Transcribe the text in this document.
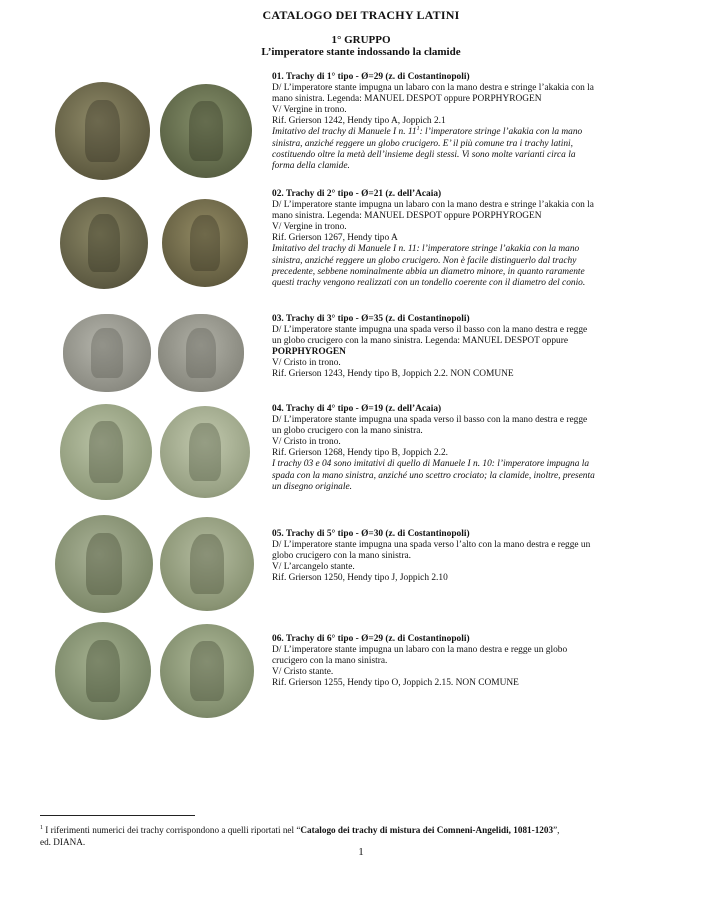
CATALOGO DEI TRACHY LATINI
1° GRUPPO
L’imperatore stante indossando la clamide
01. Trachy di 1° tipo - Ø=29 (z. di Costantinopoli)
D/ L’imperatore stante impugna un labaro con la mano destra e stringe l’akakia con la
mano sinistra. Legenda: MANUEL DESPOT oppure PORPHYROGEN
V/ Vergine in trono.
Rif. Grierson 1242, Hendy tipo A, Joppich 2.1
Imitativo del trachy di Manuele I n. $11^1$: l’imperatore stringe l’akakia con la mano
sinistra, anziché reggere un globo crucigero. E’ il più comune tra i trachy latini,
costituendo oltre la metà dell’insieme degli stessi. Vi sono molte varianti circa la
forma della clamide.
02. Trachy di 2° tipo - Ø=21 (z. dell’Acaia)
D/ L’imperatore stante impugna un labaro con la mano destra e stringe l’akakia con la
mano sinistra. Legenda: MANUEL DESPOT oppure PORPHYROGEN
V/ Vergine in trono.
Rif. Grierson 1267, Hendy tipo A
Imitativo del trachy di Manuele I n. 11: l’imperatore stringe l’akakia con la mano
sinistra, anziché reggere un globo crucigero. Non è facile distinguerlo dal trachy
precedente, sebbene nominalmente abbia un diametro minore, in quanto raramente
questi trachy vengono realizzati con un tondello coerente con il diametro del conio.
03. Trachy di 3° tipo - Ø=35 (z. di Costantinopoli)
D/ L’imperatore stante impugna una spada verso il basso con la mano destra e regge
un globo crucigero con la mano sinistra. Legenda: MANUEL DESPOT oppure
PORPHYROGEN
V/ Cristo in trono.
Rif. Grierson 1243, Hendy tipo B, Joppich 2.2. NON COMUNE
04. Trachy di 4° tipo - Ø=19 (z. dell’Acaia)
D/ L’imperatore stante impugna una spada verso il basso con la mano destra e regge
un globo crucigero con la mano sinistra.
V/ Cristo in trono.
Rif. Grierson 1268, Hendy tipo B, Joppich 2.2.
I trachy 03 e 04 sono imitativi di quello di Manuele I n. 10: l’imperatore impugna la
spada con la mano sinistra, anziché uno scettro crociato; la clamide, inoltre, presenta
un disegno originale.
05. Trachy di 5° tipo - Ø=30 (z. di Costantinopoli)
D/ L’imperatore stante impugna una spada verso l’alto con la mano destra e regge un
globo crucigero con la mano sinistra.
V/ L’arcangelo stante.
Rif. Grierson 1250, Hendy tipo J, Joppich 2.10
06. Trachy di 6° tipo - Ø=29 (z. di Costantinopoli)
D/ L’imperatore stante impugna un labaro con la mano destra e regge un globo
crucigero con la mano sinistra.
V/ Cristo stante.
Rif. Grierson 1255, Hendy tipo O, Joppich 2.15. NON COMUNE
$^1$ I riferimenti numerici dei trachy corrispondono a quelli riportati nel “Catalogo dei trachy di mistura dei Comneni-Angelidi, 1081-1203”,
ed. DIANA.
1
